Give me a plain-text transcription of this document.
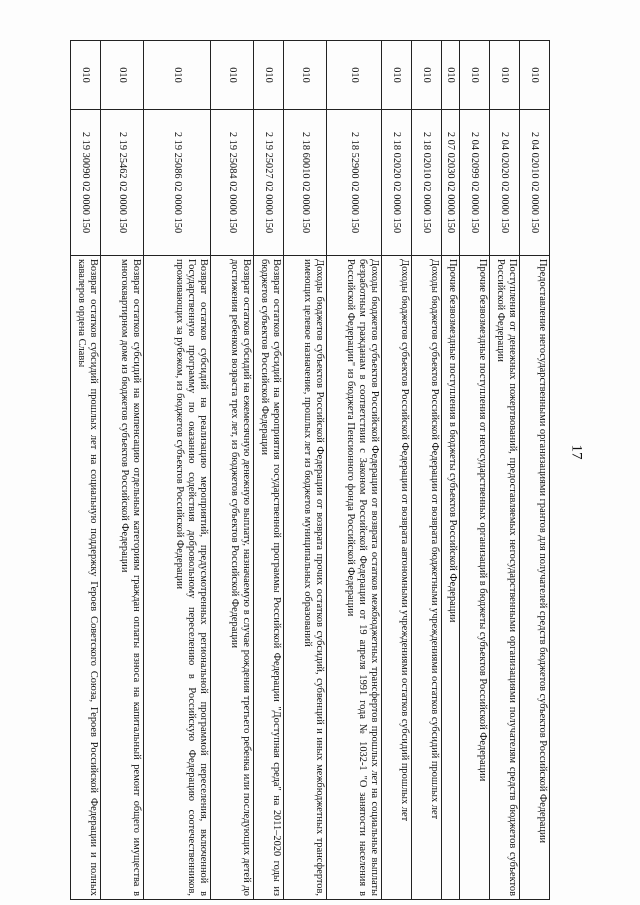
17
010	2 04 02010 02 0000 150	Предоставление негосударственными организациями грантов для получателей средств бюджетов субъектов Российской Федерации
010	2 04 02020 02 0000 150	Поступления от денежных пожертвований, предоставляемых негосударственными организациями получателям средств бюджетов субъектов Российской Федерации
010	2 04 02099 02 0000 150	Прочие безвозмездные поступления от негосударственных организаций в бюджеты субъектов Российской Федерации
010	2 07 02030 02 0000 150	Прочие безвозмездные поступления в бюджеты субъектов Российской Федерации
010	2 18 02010 02 0000 150	Доходы бюджетов субъектов Российской Федерации от возврата бюджетными учреждениями остатков субсидий прошлых лет
010	2 18 02020 02 0000 150	Доходы бюджетов субъектов Российской Федерации от возврата автономными учреждениями остатков субсидий прошлых лет
010	2 18 52900 02 0000 150	Доходы бюджетов субъектов Российской Федерации от возврата остатков межбюджетных трансфертов прошлых лет на социальные выплаты безработным гражданам в соответствии с Законом Российской Федерации от 19 апреля 1991 года № 1032-1 "О занятости населения в Российской Федерации" из бюджета Пенсионного фонда Российской Федерации
010	2 18 60010 02 0000 150	Доходы бюджетов субъектов Российской Федерации от возврата прочих остатков субсидий, субвенций и иных межбюджетных трансфертов, имеющих целевое назначение, прошлых лет из бюджетов муниципальных образований
010	2 19 25027 02 0000 150	Возврат остатков субсидий на мероприятия государственной программы Российской Федерации "Доступная среда" на 2011–2020 годы из бюджетов субъектов Российской Федерации
010	2 19 25084 02 0000 150	Возврат остатков субсидий на ежемесячную денежную выплату, назначаемую в случае рождения третьего ребенка или последующих детей до достижения ребенком возраста трех лет, из бюджетов субъектов Российской Федерации
010	2 19 25086 02 0000 150	Возврат остатков субсидий на реализацию мероприятий, предусмотренных региональной программой переселения, включенной в Государственную программу по оказанию содействия добровольному переселению в Российскую Федерацию соотечественников, проживающих за рубежом, из бюджетов субъектов Российской Федерации
010	2 19 25462 02 0000 150	Возврат остатков субсидий на компенсацию отдельным категориям граждан оплаты взноса на капитальный ремонт общего имущества в многоквартирном доме из бюджетов субъектов Российской Федерации
010	2 19 30090 02 0000 150	Возврат остатков субсидий прошлых лет на социальную поддержку Героев Советского Союза, Героев Российской Федерации и полных кавалеров ордена Славы
